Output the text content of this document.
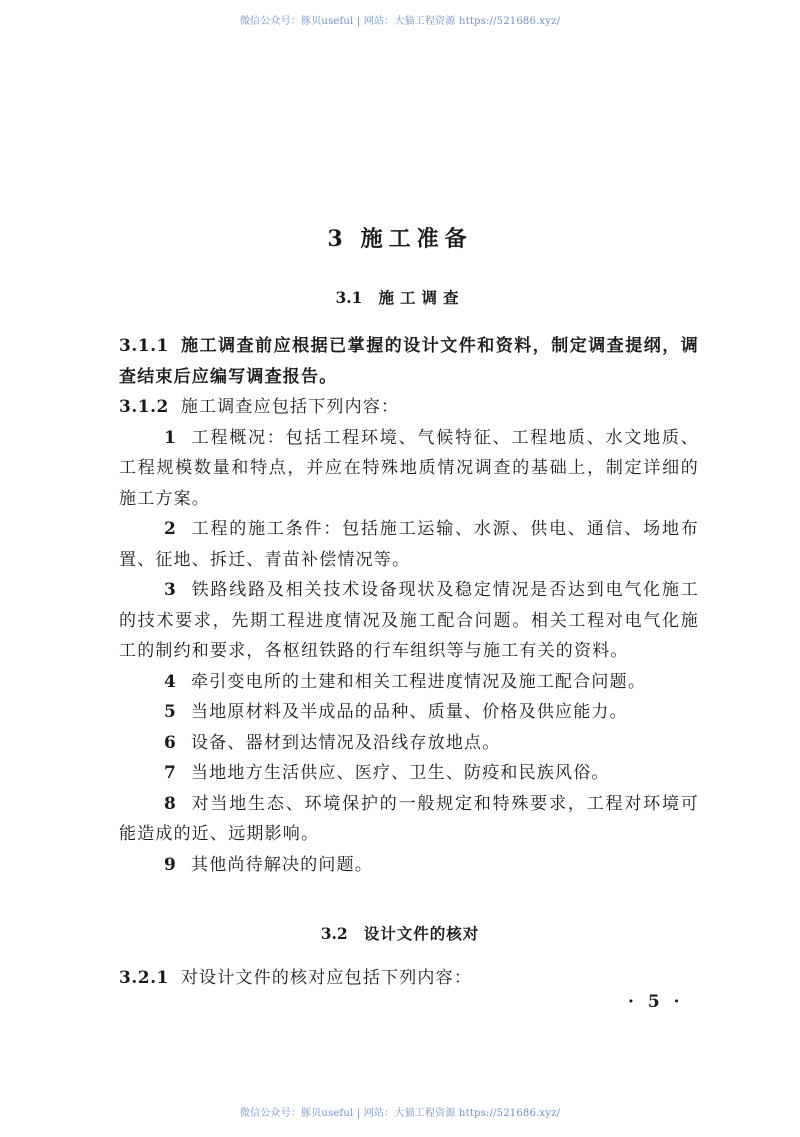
微信公众号：豚贝useful | 网站：大猫工程资源 https://521686.xyz/
3 施工准备
3.1 施工调查

3.1.1 施工调查前应根据已掌握的设计文件和资料，制定调查提纲，调查结束后应编写调查报告。

3.1.2 施工调查应包括下列内容：

1 工程概况：包括工程环境、气候特征、工程地质、水文地质、工程规模数量和特点，并应在特殊地质情况调查的基础上，制定详细的施工方案。

2 工程的施工条件：包括施工运输、水源、供电、通信、场地布置、征地、拆迁、青苗补偿情况等。

3 铁路线路及相关技术设备现状及稳定情况是否达到电气化施工的技术要求，先期工程进度情况及施工配合问题。相关工程对电气化施工的制约和要求，各枢纽铁路的行车组织等与施工有关的资料。

4 牵引变电所的土建和相关工程进度情况及施工配合问题。

5 当地原材料及半成品的品种、质量、价格及供应能力。

6 设备、器材到达情况及沿线存放地点。

7 当地地方生活供应、医疗、卫生、防疫和民族风俗。

8 对当地生态、环境保护的一般规定和特殊要求，工程对环境可能造成的近、远期影响。

9 其他尚待解决的问题。

3.2 设计文件的核对

3.2.1 对设计文件的核对应包括下列内容：

· 5 ·
微信公众号：豚贝useful | 网站：大猫工程资源 https://521686.xyz/
